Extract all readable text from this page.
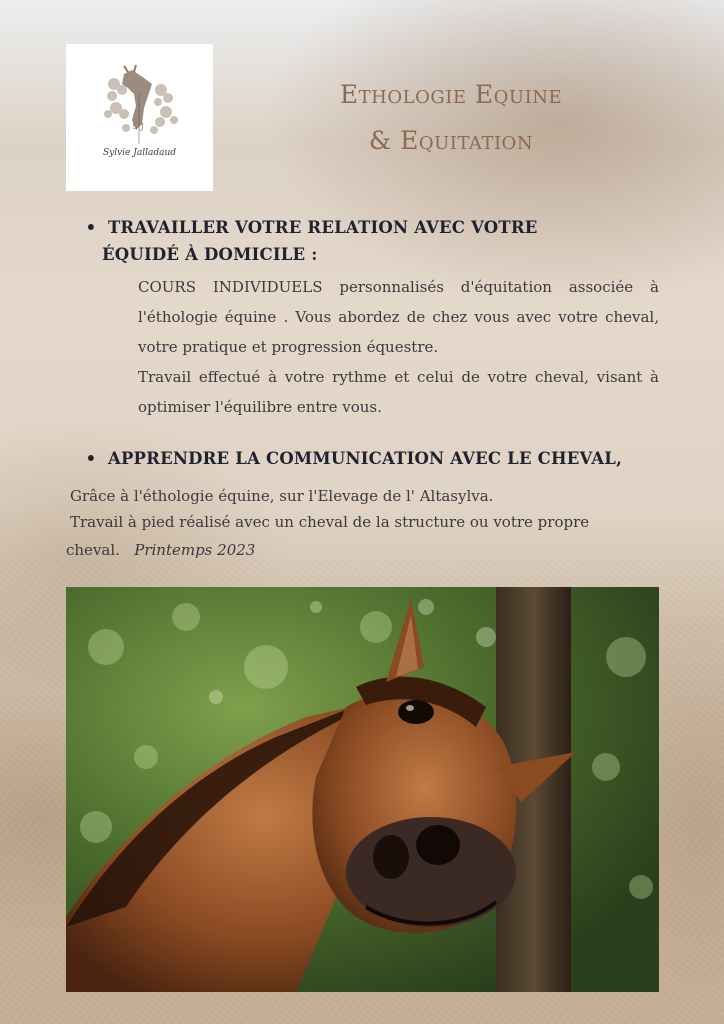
SJ
Sylvie Jalladaud
Ethologie Equine
& Equitation
• TRAVAILLER VOTRE RELATION AVEC VOTRE
ÉQUIDÉ À DOMICILE :
COURS INDIVIDUELS personnalisés d'équitation associée à l'éthologie équine . Vous abordez de chez vous avec votre cheval, votre pratique et progression équestre.
Travail effectué à votre rythme et celui de votre cheval, visant à optimiser l'équilibre entre vous.
• APPRENDRE LA COMMUNICATION AVEC LE CHEVAL,
Grâce à l'éthologie équine, sur l'Elevage de l' Altasylva.
Travail à pied réalisé avec un cheval de la structure ou votre propre
cheval. Printemps 2023
